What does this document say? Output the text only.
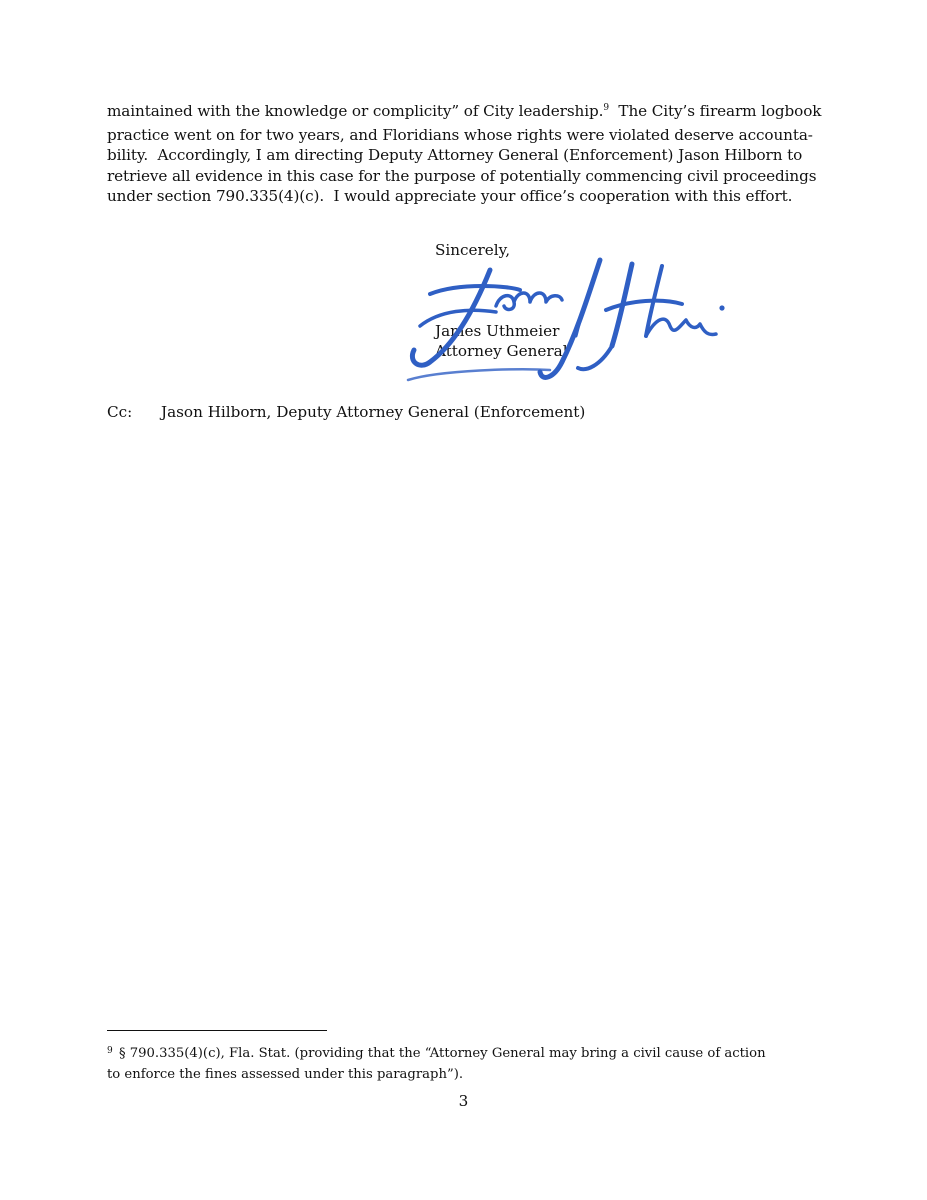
maintained with the knowledge or complicity” of City leadership.$^9$  The City’s firearm logbook
practice went on for two years, and Floridians whose rights were violated deserve accounta-
bility.  Accordingly, I am directing Deputy Attorney General (Enforcement) Jason Hilborn to
retrieve all evidence in this case for the purpose of potentially commencing civil proceedings
under section 790.335(4)(c).  I would appreciate your office’s cooperation with this effort.

Sincerely,
James Uthmeier
Attorney General
Cc: Jason Hilborn, Deputy Attorney General (Enforcement)

$^9$ § 790.335(4)(c), Fla. Stat. (providing that the “Attorney General may bring a civil cause of action
to enforce the fines assessed under this paragraph”).

3
